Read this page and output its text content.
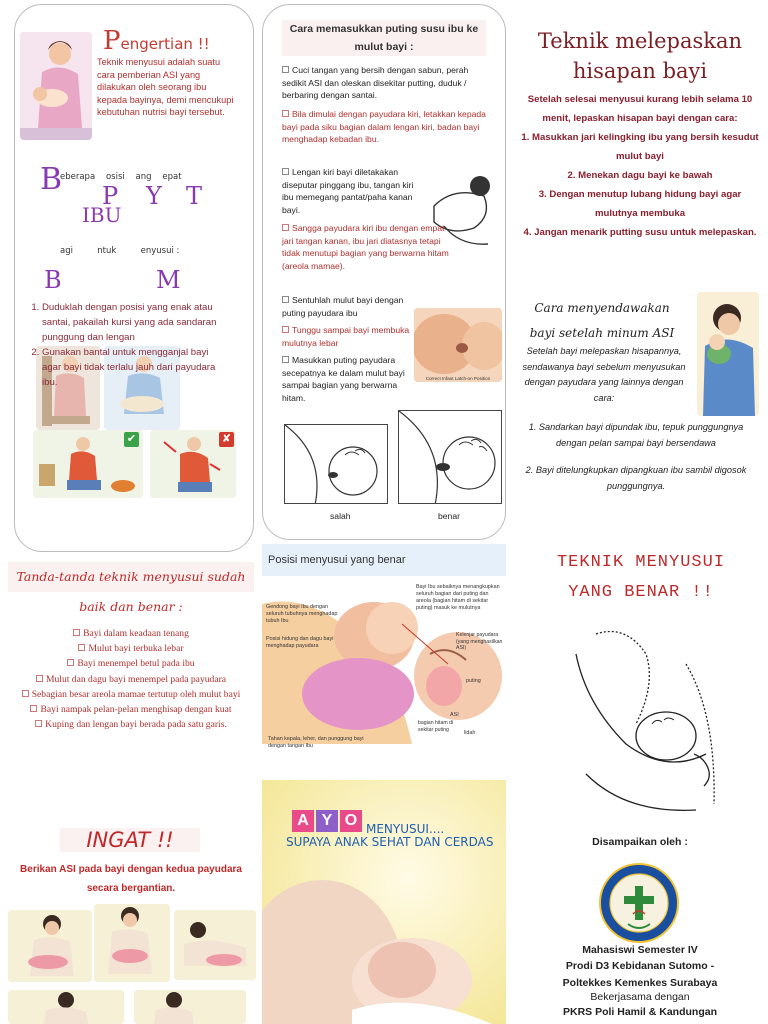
Pengertian !!
Teknik menyusui adalah suatu cara pemberian ASI yang dilakukan oleh seorang ibu kepada bayinya, demi mencukupi kebutuhan nutrisi bayi tersebut.
B
eberapa    osisi    ang    epat
P Y T
IBU
agi         ntuk         enyusui :
B	M
1. Duduklah dengan posisi yang enak atau santai, pakailah kursi yang ada sandaran punggung dan lengan
2. Gunakan bantal untuk mengganjal bayi agar bayi tidak terlalu jauh dari payudara ibu.
✔	✘
Cara memasukkan puting susu ibu ke mulut bayi :
Cuci tangan yang bersih dengan sabun, perah sedikit ASI dan oleskan disekitar putting, duduk / berbaring dengan santai.
Bila dimulai dengan payudara kiri, letakkan kepada bayi pada siku bagian dalam lengan kiri, badan bayi menghadap kebadan ibu.
Lengan kiri bayi diletakakan diseputar pinggang ibu, tangan kiri ibu memegang pantat/paha kanan bayi.
Sangga payudara kiri ibu dengan empat jari tangan kanan, ibu jari diatasnya tetapi tidak menutupi bagian yang berwarna hitam (areola mamae).
Sentuhlah mulut bayi dengan puting payudara ibu
Tunggu sampai bayi membuka mulutnya lebar
Correct Infant Latch-on Position
Masukkan puting payudara secepatnya ke dalam mulut bayi sampai bagian yang berwarna hitam.
salah	benar
Teknik melepaskan
hisapan bayi
Setelah selesai menyusui kurang lebih selama 10 menit, lepaskan hisapan bayi dengan cara:
1. Masukkan jari kelingking ibu yang bersih kesudut mulut bayi
2. Menekan dagu bayi ke bawah
3. Dengan menutup lubang hidung bayi agar mulutnya membuka
4. Jangan menarik putting susu untuk melepaskan.
Cara menyendawakan
bayi setelah minum ASI
Setelah bayi melepaskan hisapannya, sendawanya bayi sebelum menyusukan dengan payudara yang lainnya dengan cara:
1. Sandarkan bayi dipundak ibu, tepuk punggungnya dengan pelan sampai bayi bersendawa
2. Bayi ditelungkupkan dipangkuan ibu sambil digosok punggungnya.
Tanda-tanda teknik menyusui sudah
baik dan benar :
Bayi dalam keadaan tenang
Mulut bayi terbuka lebar
Bayi menempel betul pada ibu
Mulut dan dagu bayi menempel pada payudara
Sebagian besar areola mamae tertutup oleh mulut bayi
Bayi nampak pelan-pelan menghisap dengan kuat
Kuping dan lengan bayi berada pada satu garis.
INGAT !!
Berikan ASI pada bayi dengan kedua payudara secara bergantian.
Posisi menyusui yang benar
Gendong bayi Ibu dengan seluruh tubuhnya menghadap tubuh Ibu
Posisi hidung dan dagu bayi menghadap payudara
Tahan kepala, leher, dan punggung bayi dengan tangan Ibu
Bayi Ibu sebaiknya menangkupkan seluruh bagian dari puting dan areola (bagian hitam di sekitar puting) masuk ke mulutnya
Kelenjar payudara (yang menghasilkan ASI)
puting
ASI
bagian hitam di sekitar puting
lidah
A Y O MENYUSUI....
SUPAYA ANAK SEHAT DAN CERDAS
TEKNIK MENYUSUI
YANG BENAR !!
Disampaikan oleh :
Mahasiswi Semester IV
Prodi D3 Kebidanan Sutomo -
Poltekkes Kemenkes Surabaya
Bekerjasama dengan
PKRS Poli Hamil & Kandungan
